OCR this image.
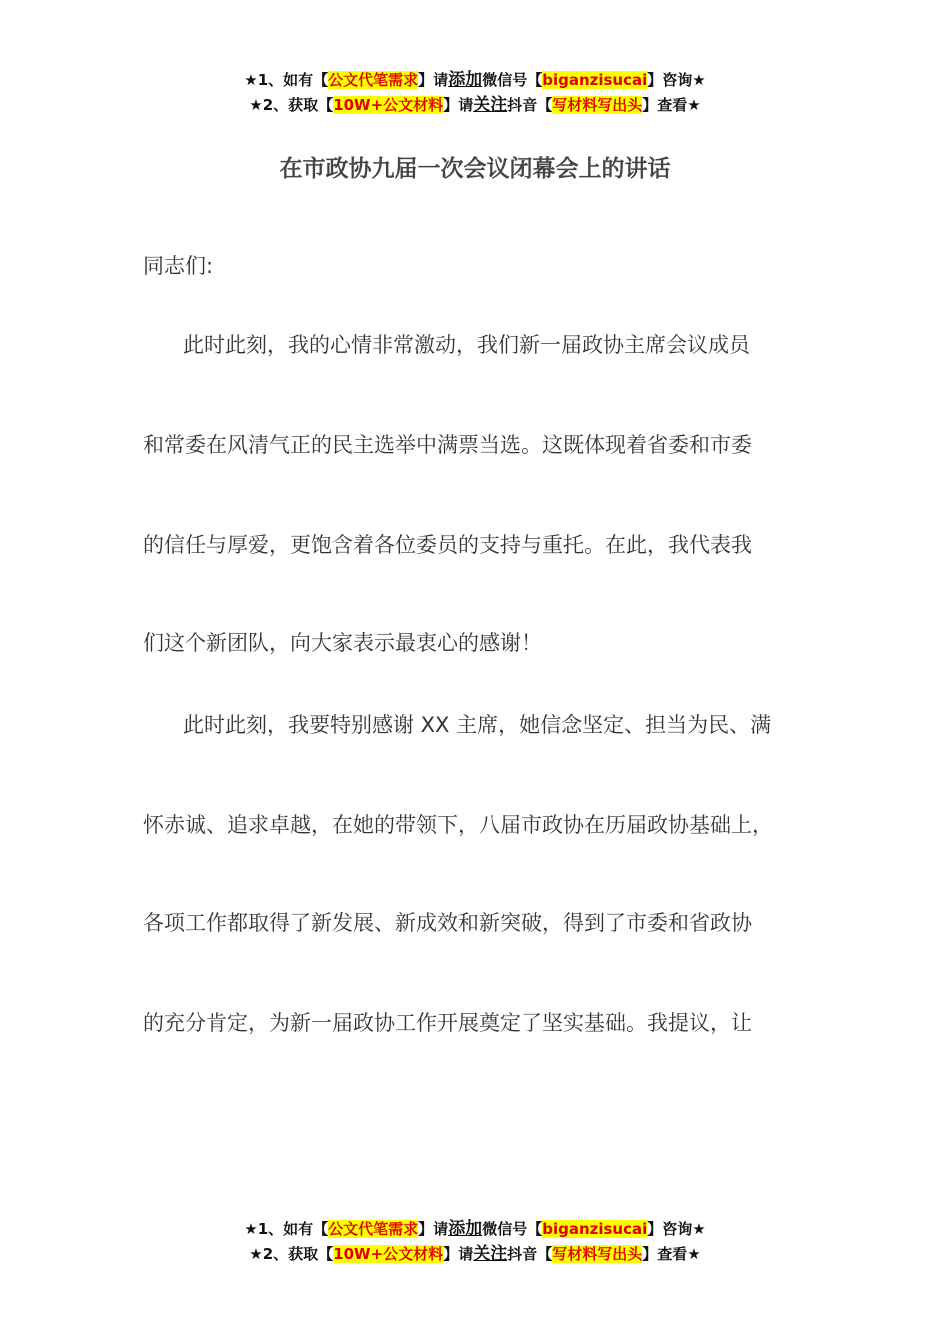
★1、如有【公文代笔需求】请添加微信号【biganzisucai】咨询★
★2、获取【10W+公文材料】请关注抖音【写材料写出头】查看★
在市政协九届一次会议闭幕会上的讲话
同志们:
此时此刻，我的心情非常激动，我们新一届政协主席会议成员
和常委在风清气正的民主选举中满票当选。这既体现着省委和市委
的信任与厚爱，更饱含着各位委员的支持与重托。在此，我代表我
们这个新团队，向大家表示最衷心的感谢！
此时此刻，我要特别感谢 XX 主席，她信念坚定、担当为民、满
怀赤诚、追求卓越，在她的带领下，八届市政协在历届政协基础上，
各项工作都取得了新发展、新成效和新突破，得到了市委和省政协
的充分肯定，为新一届政协工作开展奠定了坚实基础。我提议，让
★1、如有【公文代笔需求】请添加微信号【biganzisucai】咨询★
★2、获取【10W+公文材料】请关注抖音【写材料写出头】查看★
